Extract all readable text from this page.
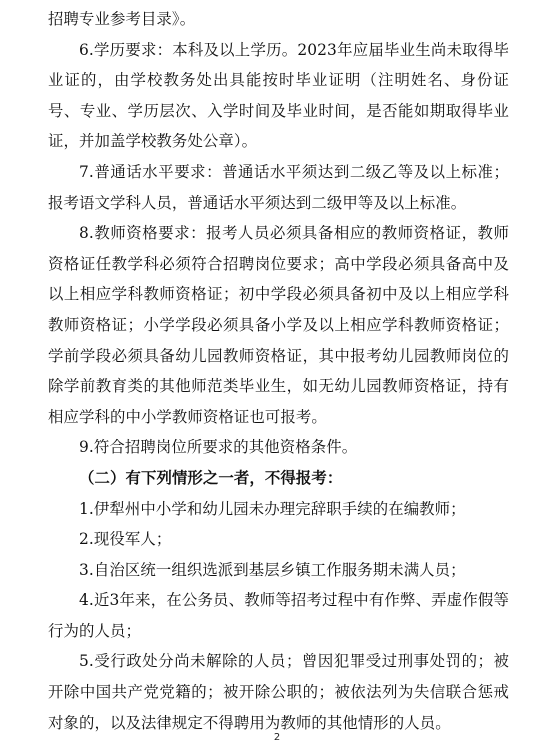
招聘专业参考目录》。

6.学历要求：本科及以上学历。2023年应届毕业生尚未取得毕业证的，由学校教务处出具能按时毕业证明（注明姓名、身份证号、专业、学历层次、入学时间及毕业时间，是否能如期取得毕业证，并加盖学校教务处公章）。

7.普通话水平要求：普通话水平须达到二级乙等及以上标准；报考语文学科人员，普通话水平须达到二级甲等及以上标准。

8.教师资格要求：报考人员必须具备相应的教师资格证，教师资格证任教学科必须符合招聘岗位要求；高中学段必须具备高中及以上相应学科教师资格证；初中学段必须具备初中及以上相应学科教师资格证；小学学段必须具备小学及以上相应学科教师资格证；学前学段必须具备幼儿园教师资格证，其中报考幼儿园教师岗位的除学前教育类的其他师范类毕业生，如无幼儿园教师资格证，持有相应学科的中小学教师资格证也可报考。

9.符合招聘岗位所要求的其他资格条件。

（二）有下列情形之一者，不得报考：

1.伊犁州中小学和幼儿园未办理完辞职手续的在编教师；

2.现役军人；

3.自治区统一组织选派到基层乡镇工作服务期未满人员；

4.近3年来，在公务员、教师等招考过程中有作弊、弄虚作假等行为的人员；

5.受行政处分尚未解除的人员；曾因犯罪受过刑事处罚的；被开除中国共产党党籍的；被开除公职的；被依法列为失信联合惩戒对象的，以及法律规定不得聘用为教师的其他情形的人员。

2
